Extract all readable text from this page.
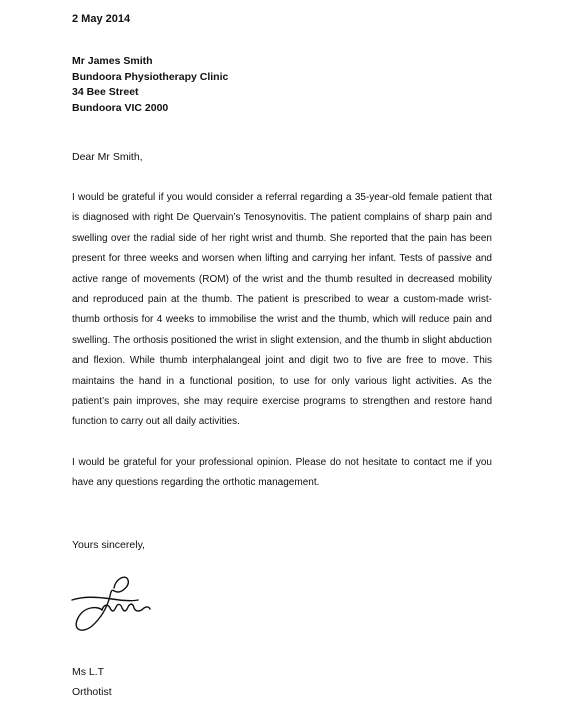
2 May 2014
Mr James Smith
Bundoora Physiotherapy Clinic
34 Bee Street
Bundoora VIC 2000
Dear Mr Smith,
I would be grateful if you would consider a referral regarding a 35-year-old female patient that is diagnosed with right De Quervain’s Tenosynovitis. The patient complains of sharp pain and swelling over the radial side of her right wrist and thumb. She reported that the pain has been present for three weeks and worsen when lifting and carrying her infant. Tests of passive and active range of movements (ROM) of the wrist and the thumb resulted in decreased mobility and reproduced pain at the thumb. The patient is prescribed to wear a custom-made wrist-thumb orthosis for 4 weeks to immobilise the wrist and the thumb, which will reduce pain and swelling. The orthosis positioned the wrist in slight extension, and the thumb in slight abduction and flexion. While thumb interphalangeal joint and digit two to five are free to move. This maintains the hand in a functional position, to use for only various light activities. As the patient’s pain improves, she may require exercise programs to strengthen and restore hand function to carry out all daily activities.
I would be grateful for your professional opinion. Please do not hesitate to contact me if you have any questions regarding the orthotic management.
Yours sincerely,
Ms L.T
Orthotist
